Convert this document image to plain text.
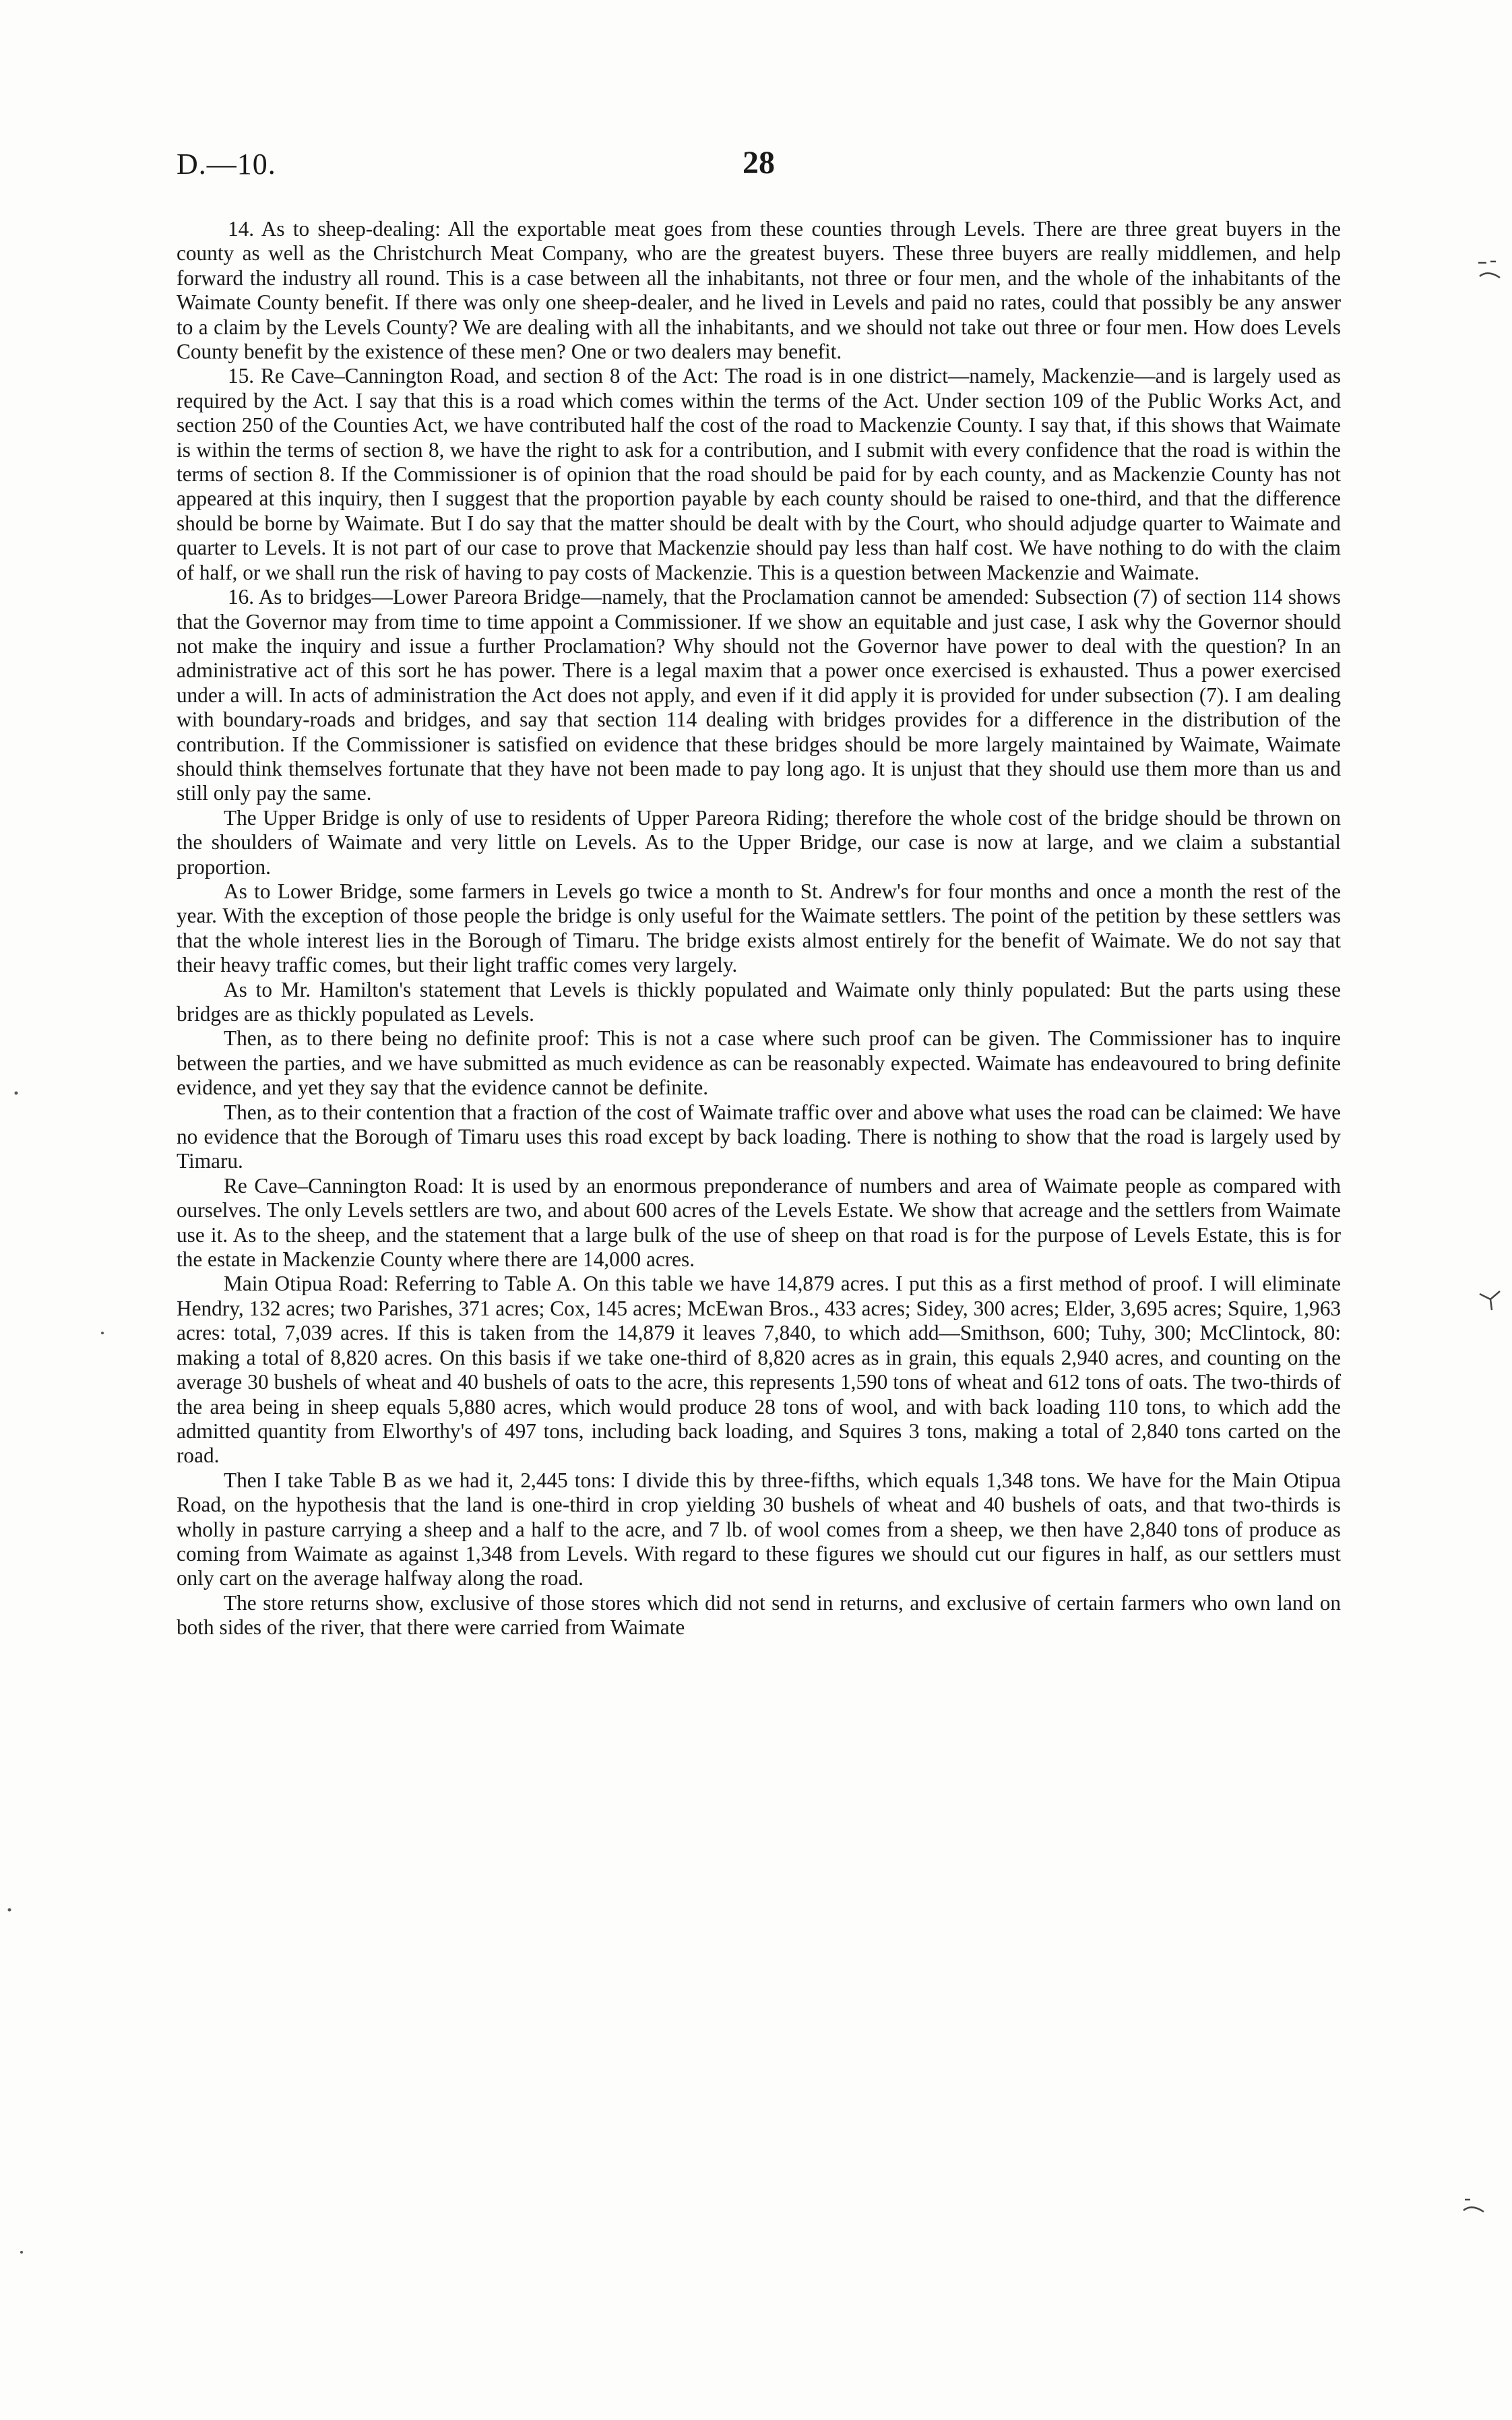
D.—10.	28

14. As to sheep-dealing: All the exportable meat goes from these counties through Levels. There are three great buyers in the county as well as the Christchurch Meat Company, who are the greatest buyers. These three buyers are really middlemen, and help forward the industry all round. This is a case between all the inhabitants, not three or four men, and the whole of the inhabitants of the Waimate County benefit. If there was only one sheep-dealer, and he lived in Levels and paid no rates, could that possibly be any answer to a claim by the Levels County? We are dealing with all the inhabitants, and we should not take out three or four men. How does Levels County benefit by the existence of these men? One or two dealers may benefit.

15. Re Cave–Cannington Road, and section 8 of the Act: The road is in one district—namely, Mackenzie—and is largely used as required by the Act. I say that this is a road which comes within the terms of the Act. Under section 109 of the Public Works Act, and section 250 of the Counties Act, we have contributed half the cost of the road to Mackenzie County. I say that, if this shows that Waimate is within the terms of section 8, we have the right to ask for a contribution, and I submit with every confidence that the road is within the terms of section 8. If the Commissioner is of opinion that the road should be paid for by each county, and as Mackenzie County has not appeared at this inquiry, then I suggest that the proportion payable by each county should be raised to one-third, and that the difference should be borne by Waimate. But I do say that the matter should be dealt with by the Court, who should adjudge quarter to Waimate and quarter to Levels. It is not part of our case to prove that Mackenzie should pay less than half cost. We have nothing to do with the claim of half, or we shall run the risk of having to pay costs of Mackenzie. This is a question between Mackenzie and Waimate.

16. As to bridges—Lower Pareora Bridge—namely, that the Proclamation cannot be amended: Subsection (7) of section 114 shows that the Governor may from time to time appoint a Commissioner. If we show an equitable and just case, I ask why the Governor should not make the inquiry and issue a further Proclamation? Why should not the Governor have power to deal with the question? In an administrative act of this sort he has power. There is a legal maxim that a power once exercised is exhausted. Thus a power exercised under a will. In acts of administration the Act does not apply, and even if it did apply it is provided for under subsection (7). I am dealing with boundary-roads and bridges, and say that section 114 dealing with bridges provides for a difference in the distribution of the contribution. If the Commissioner is satisfied on evidence that these bridges should be more largely maintained by Waimate, Waimate should think themselves fortunate that they have not been made to pay long ago. It is unjust that they should use them more than us and still only pay the same.

The Upper Bridge is only of use to residents of Upper Pareora Riding; therefore the whole cost of the bridge should be thrown on the shoulders of Waimate and very little on Levels. As to the Upper Bridge, our case is now at large, and we claim a substantial proportion.

As to Lower Bridge, some farmers in Levels go twice a month to St. Andrew's for four months and once a month the rest of the year. With the exception of those people the bridge is only useful for the Waimate settlers. The point of the petition by these settlers was that the whole interest lies in the Borough of Timaru. The bridge exists almost entirely for the benefit of Waimate. We do not say that their heavy traffic comes, but their light traffic comes very largely.

As to Mr. Hamilton's statement that Levels is thickly populated and Waimate only thinly populated: But the parts using these bridges are as thickly populated as Levels.

Then, as to there being no definite proof: This is not a case where such proof can be given. The Commissioner has to inquire between the parties, and we have submitted as much evidence as can be reasonably expected. Waimate has endeavoured to bring definite evidence, and yet they say that the evidence cannot be definite.

Then, as to their contention that a fraction of the cost of Waimate traffic over and above what uses the road can be claimed: We have no evidence that the Borough of Timaru uses this road except by back loading. There is nothing to show that the road is largely used by Timaru.

Re Cave–Cannington Road: It is used by an enormous preponderance of numbers and area of Waimate people as compared with ourselves. The only Levels settlers are two, and about 600 acres of the Levels Estate. We show that acreage and the settlers from Waimate use it. As to the sheep, and the statement that a large bulk of the use of sheep on that road is for the purpose of Levels Estate, this is for the estate in Mackenzie County where there are 14,000 acres.

Main Otipua Road: Referring to Table A. On this table we have 14,879 acres. I put this as a first method of proof. I will eliminate Hendry, 132 acres; two Parishes, 371 acres; Cox, 145 acres; McEwan Bros., 433 acres; Sidey, 300 acres; Elder, 3,695 acres; Squire, 1,963 acres: total, 7,039 acres. If this is taken from the 14,879 it leaves 7,840, to which add—Smithson, 600; Tuhy, 300; McClintock, 80: making a total of 8,820 acres. On this basis if we take one-third of 8,820 acres as in grain, this equals 2,940 acres, and counting on the average 30 bushels of wheat and 40 bushels of oats to the acre, this represents 1,590 tons of wheat and 612 tons of oats. The two-thirds of the area being in sheep equals 5,880 acres, which would produce 28 tons of wool, and with back loading 110 tons, to which add the admitted quantity from Elworthy's of 497 tons, including back loading, and Squires 3 tons, making a total of 2,840 tons carted on the road.

Then I take Table B as we had it, 2,445 tons: I divide this by three-fifths, which equals 1,348 tons. We have for the Main Otipua Road, on the hypothesis that the land is one-third in crop yielding 30 bushels of wheat and 40 bushels of oats, and that two-thirds is wholly in pasture carrying a sheep and a half to the acre, and 7 lb. of wool comes from a sheep, we then have 2,840 tons of produce as coming from Waimate as against 1,348 from Levels. With regard to these figures we should cut our figures in half, as our settlers must only cart on the average halfway along the road.

The store returns show, exclusive of those stores which did not send in returns, and exclusive of certain farmers who own land on both sides of the river, that there were carried from Waimate
